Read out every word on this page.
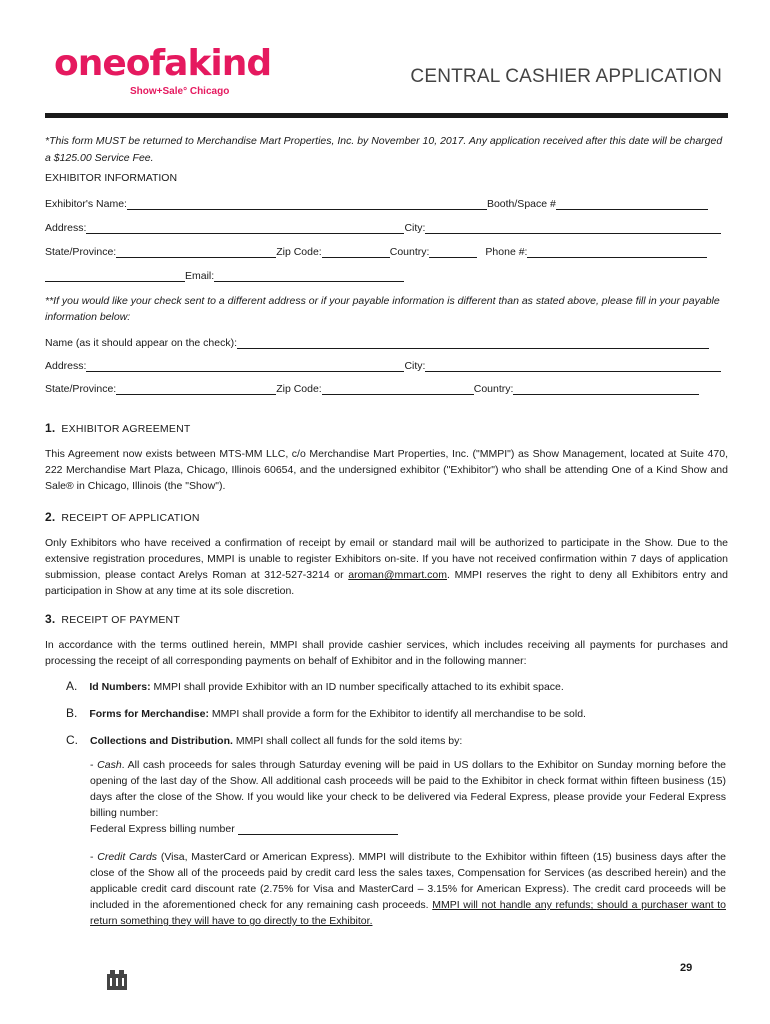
oneofakind
Show+Sale° Chicago
CENTRAL CASHIER APPLICATION
*This form MUST be returned to Merchandise Mart Properties, Inc. by November 10, 2017. Any application received after this date will be charged a $125.00 Service Fee.
EXHIBITOR INFORMATION
Exhibitor's Name:	Booth/Space #
Address:	City:
State/Province:	Zip Code:	Country:	Phone #:
Email:
**If you would like your check sent to a different address or if your payable information is different than as stated above, please fill in your payable information below:
Name (as it should appear on the check):
Address:	City:
State/Province:	Zip Code:	Country:
1. EXHIBITOR AGREEMENT
This Agreement now exists between MTS-MM LLC, c/o Merchandise Mart Properties, Inc. ("MMPI") as Show Management, located at Suite 470, 222 Merchandise Mart Plaza, Chicago, Illinois 60654, and the undersigned exhibitor ("Exhibitor") who shall be attending One of a Kind Show and Sale® in Chicago, Illinois (the "Show").
2. RECEIPT OF APPLICATION
Only Exhibitors who have received a confirmation of receipt by email or standard mail will be authorized to participate in the Show. Due to the extensive registration procedures, MMPI is unable to register Exhibitors on-site. If you have not received confirmation within 7 days of application submission, please contact Arelys Roman at 312-527-3214 or aroman@mmart.com. MMPI reserves the right to deny all Exhibitors entry and participation in Show at any time at its sole discretion.
3. RECEIPT OF PAYMENT
In accordance with the terms outlined herein, MMPI shall provide cashier services, which includes receiving all payments for purchases and processing the receipt of all corresponding payments on behalf of Exhibitor and in the following manner:
A. Id Numbers: MMPI shall provide Exhibitor with an ID number specifically attached to its exhibit space.
B. Forms for Merchandise: MMPI shall provide a form for the Exhibitor to identify all merchandise to be sold.
C. Collections and Distribution. MMPI shall collect all funds for the sold items by:
- Cash. All cash proceeds for sales through Saturday evening will be paid in US dollars to the Exhibitor on Sunday morning before the opening of the last day of the Show. All additional cash proceeds will be paid to the Exhibitor in check format within fifteen business (15) days after the close of the Show. If you would like your check to be delivered via Federal Express, please provide your Federal Express billing number:
Federal Express billing number
- Credit Cards (Visa, MasterCard or American Express). MMPI will distribute to the Exhibitor within fifteen (15) business days after the close of the Show all of the proceeds paid by credit card less the sales taxes, Compensation for Services (as described herein) and the applicable credit card discount rate (2.75% for Visa and MasterCard – 3.15% for American Express). The credit card proceeds will be included in the aforementioned check for any remaining cash proceeds. MMPI will not handle any refunds; should a purchaser want to return something they will have to go directly to the Exhibitor.
29
